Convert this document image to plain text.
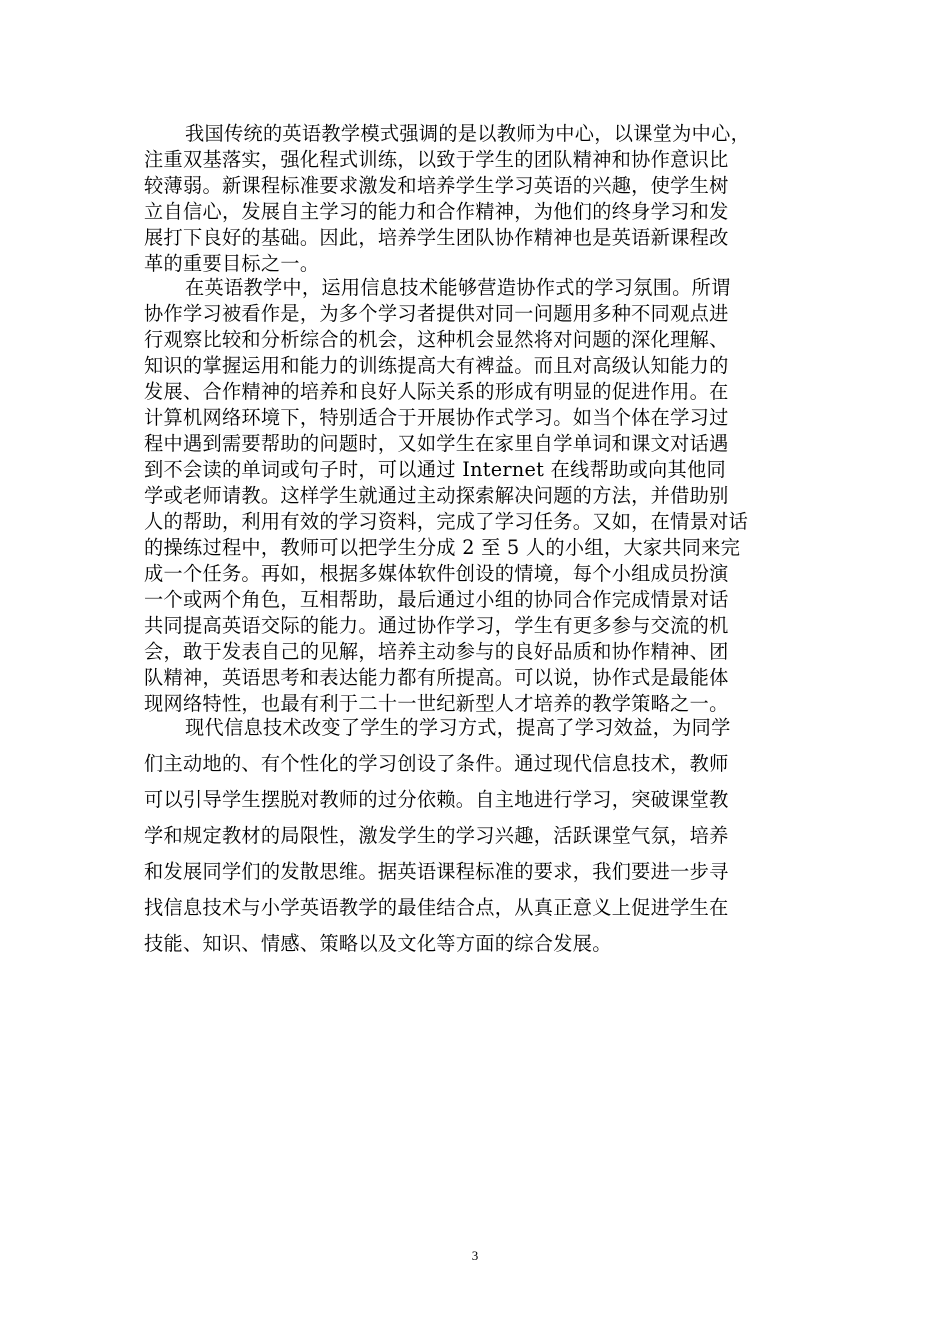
我国传统的英语教学模式强调的是以教师为中心，以课堂为中心，
注重双基落实，强化程式训练，以致于学生的团队精神和协作意识比
较薄弱。新课程标准要求激发和培养学生学习英语的兴趣，使学生树
立自信心，发展自主学习的能力和合作精神，为他们的终身学习和发
展打下良好的基础。因此，培养学生团队协作精神也是英语新课程改
革的重要目标之一。
在英语教学中，运用信息技术能够营造协作式的学习氛围。所谓
协作学习被看作是，为多个学习者提供对同一问题用多种不同观点进
行观察比较和分析综合的机会，这种机会显然将对问题的深化理解、
知识的掌握运用和能力的训练提高大有裨益。而且对高级认知能力的
发展、合作精神的培养和良好人际关系的形成有明显的促进作用。在
计算机网络环境下，特别适合于开展协作式学习。如当个体在学习过
程中遇到需要帮助的问题时，又如学生在家里自学单词和课文对话遇
到不会读的单词或句子时，可以通过 Internet 在线帮助或向其他同
学或老师请教。这样学生就通过主动探索解决问题的方法，并借助别
人的帮助，利用有效的学习资料，完成了学习任务。又如，在情景对话
的操练过程中，教师可以把学生分成 2 至 5 人的小组，大家共同来完
成一个任务。再如，根据多媒体软件创设的情境，每个小组成员扮演
一个或两个角色，互相帮助，最后通过小组的协同合作完成情景对话
共同提高英语交际的能力。通过协作学习，学生有更多参与交流的机
会，敢于发表自己的见解，培养主动参与的良好品质和协作精神、团
队精神，英语思考和表达能力都有所提高。可以说，协作式是最能体
现网络特性，也最有利于二十一世纪新型人才培养的教学策略之一。
现代信息技术改变了学生的学习方式，提高了学习效益，为同学
们主动地的、有个性化的学习创设了条件。通过现代信息技术，教师
可以引导学生摆脱对教师的过分依赖。自主地进行学习，突破课堂教
学和规定教材的局限性，激发学生的学习兴趣，活跃课堂气氛，培养
和发展同学们的发散思维。据英语课程标准的要求，我们要进一步寻
找信息技术与小学英语教学的最佳结合点，从真正意义上促进学生在
技能、知识、情感、策略以及文化等方面的综合发展。
3
